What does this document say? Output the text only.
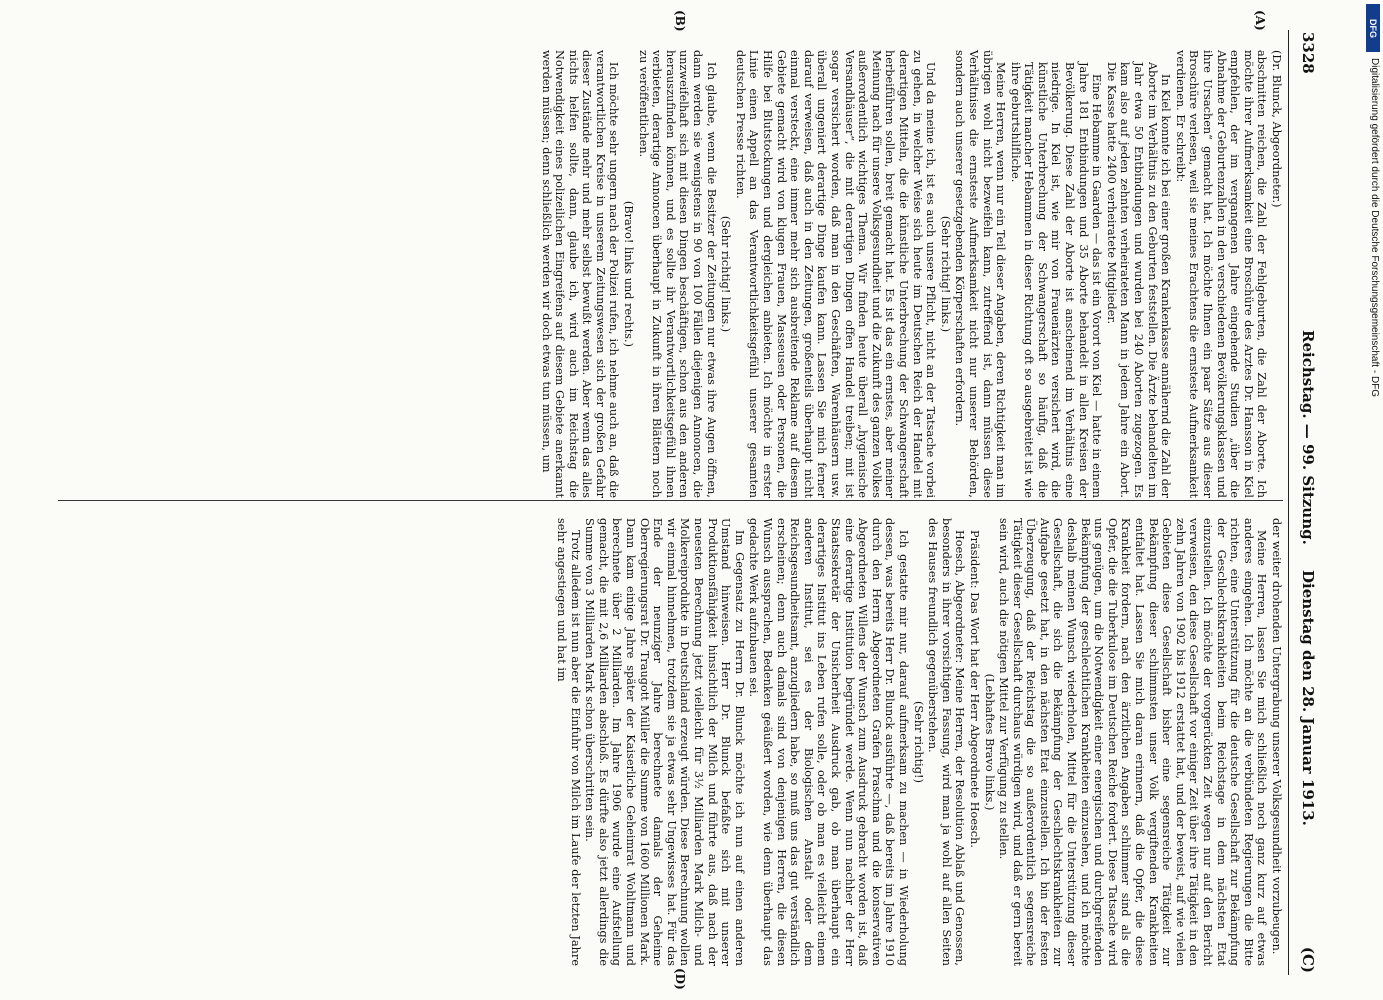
3328
Reichstag. — 99. Sitzung.
Dienstag den 28. Januar 1913.
(C)
(A)
(B)
(D)

(Dr. Blunck, Abgeordneter.)

abschnitten reichen, die Zahl der Fehlgeburten, die Zahl der Aborte. Ich möchte ihrer Aufmerksamkeit eine Broschüre des Arztes Dr. Hansson in Kiel empfehlen, der im vergangenen Jahre eingehende Studien „über die Abnahme der Geburtenzahlen in den verschiedenen Bevölkerungsklassen und ihre Ursachen“ gemacht hat. Ich möchte Ihnen ein paar Sätze aus dieser Broschüre verlesen, weil sie meines Erachtens die ernsteste Aufmerksamkeit verdienen. Er schreibt:

In Kiel konnte ich bei einer großen Krankenkasse annähernd die Zahl der Aborte im Verhältnis zu den Geburten feststellen. Die Ärzte behandelten im Jahr etwa 50 Entbindungen und wurden bei 240 Aborten zugezogen. Es kam also auf jeden zehnten verheirateten Mann in jedem Jahre ein Abort. Die Kasse hatte 2400 verheiratete Mitglieder.

Eine Hebamme in Gaarden — das ist ein Vorort von Kiel — hatte in einem Jahre 181 Entbindungen und 35 Aborte behandelt in allen Kreisen der Bevölkerung. Diese Zahl der Aborte ist anscheinend im Verhältnis eine niedrige. In Kiel ist, wie mir von Frauenärzten versichert wird, die künstliche Unterbrechung der Schwangerschaft so häufig, daß die Tätigkeit mancher Hebammen in dieser Richtung oft so ausgebreitet ist wie ihre geburtshilfliche.

Meine Herren, wenn nur ein Teil dieser Angaben, deren Richtigkeit man im übrigen wohl nicht bezweifeln kann, zutreffend ist, dann müssen diese Verhältnisse die ernsteste Aufmerksamkeit nicht nur unserer Behörden, sondern auch unserer gesetzgebenden Körperschaften erfordern.

(Sehr richtig! links.)

Und da meine ich, ist es auch unsere Pflicht, nicht an der Tatsache vorbei zu gehen, in welcher Weise sich heute im Deutschen Reich der Handel mit derartigen Mitteln, die die künstliche Unterbrechung der Schwangerschaft herbeiführen sollen, breit gemacht hat. Es ist das ein ernstes, aber meiner Meinung nach für unsere Volksgesundheit und die Zukunft des ganzen Volkes außerordentlich wichtiges Thema. Wir finden heute überall „hygienische Versandhäuser“, die mit derartigen Dingen offen Handel treiben; mit ist sogar versichert worden, daß man in den Geschäften, Warenhäusern usw. überall ungeniert derartige Dinge kaufen kann. Lassen Sie mich ferner darauf verweisen, daß auch in den Zeitungen, großenteils überhaupt nicht einmal versteckt, eine immer mehr sich ausbreitende Reklame auf diesem Gebiete gemacht wird von klugen Frauen, Masseusen oder Personen, die Hilfe bei Blutstockungen und dergleichen anbieten. Ich möchte in erster Linie einen Appell an das Verantwortlichkeitsgefühl unserer gesamten deutschen Presse richten.

(Sehr richtig! links.)

Ich glaube, wenn die Besitzer der Zeitungen nur etwas ihre Augen öffnen, dann werden sie wenigstens in 90 von 100 Fällen diejenigen Annoncen, die unzweifelhaft sich mit diesen Dingen beschäftigen, schon aus den anderen herauszufinden können, und es sollte ihr Verantwortlichkeitsgefühl ihnen verbieten, derartige Annoncen überhaupt in Zukunft in ihren Blättern noch zu veröffentlichen.

(Bravo! links und rechts.)

Ich möchte sehr ungern nach der Polizei rufen, ich nehme auch an, daß die verantwortlichen Kreise in unserem Zeitungswesen sich der großen Gefahr dieser Zustände mehr und mehr selbst bewußt werden. Aber wenn das alles nichts helfen sollte, dann, glaube ich, wird auch im Reichstag die Notwendigkeit eines polizeilichen Eingreifens auf diesem Gebiete anerkannt werden müssen; denn schließlich werden wir doch etwas tun müssen, um

der weiter drohenden Untergrabung unserer Volksgesundheit vorzubeugen.

Meine Herren, lassen Sie mich schließlich noch ganz kurz auf etwas anderes eingehen. Ich möchte an die verbündeten Regierungen die Bitte richten, eine Unterstützung für die deutsche Gesellschaft zur Bekämpfung der Geschlechtskrankheiten beim Reichstage in dem nächsten Etat einzustellen. Ich möchte der vorgerückten Zeit wegen nur auf den Bericht verweisen, den diese Gesellschaft vor einiger Zeit über ihre Tätigkeit in den zehn Jahren von 1902 bis 1912 erstattet hat, und der beweist, auf wie vielen Gebieten diese Gesellschaft bisher eine segensreiche Tätigkeit zur Bekämpfung dieser schlimmsten unser Volk vergiftenden Krankheiten entfaltet hat. Lassen Sie mich daran erinnern, daß die Opfer, die diese Krankheit fordern, nach den ärztlichen Angaben schlimmer sind als die Opfer, die die Tuberkulose im Deutschen Reiche fordert. Diese Tatsache wird uns genügen, um die Notwendigkeit einer energischen und durchgreifenden Bekämpfung der geschlechtlichen Krankheiten einzusehen, und ich möchte deshalb meinen Wunsch wiederholen, Mittel für die Unterstützung dieser Gesellschaft, die sich die Bekämpfung der Geschlechtskrankheiten zur Aufgabe gesetzt hat, in den nächsten Etat einzustellen. Ich bin der festen Überzeugung, daß der Reichstag die so außerordentlich segensreiche Tätigkeit dieser Gesellschaft durchaus würdigen wird, und daß er gern bereit sein wird, auch die nötigen Mittel zur Verfügung zu stellen.

(Lebhaftes Bravo links.)

Präsident: Das Wort hat der Herr Abgeordnete Hoesch.

Hoesch, Abgeordneter: Meine Herren, der Resolution Ablaß und Genossen, besonders in ihrer vorsichtigen Fassung, wird man ja wohl auf allen Seiten des Hauses freundlich gegenüberstehen.

(Sehr richtig!)

Ich gestatte mir nur, darauf aufmerksam zu machen — in Wiederholung dessen, was bereits Herr Dr. Blunck ausführte —, daß bereits im Jahre 1910 durch den Herrn Abgeordneten Grafen Praschma und die konservativen Abgeordneten Willens der Wunsch zum Ausdruck gebracht worden ist, daß eine derartige Institution begründet werde. Wenn nun nachher der Herr Staatssekretär der Unsicherheit Ausdruck gab, ob man überhaupt ein derartiges Institut ins Leben rufen solle, oder ob man es vielleicht einem anderen Institut, sei es der Biologischen Anstalt oder dem Reichsgesundheitsamt, anzugliedern habe, so muß uns das gut verständlich erscheinen; denn auch damals sind von denjenigen Herren, die diesen Wunsch aussprachen, Bedenken geäußert worden, wie denn überhaupt das gedachte Werk aufzubauen sei.

Im Gegensatz zu Herrn Dr. Blunck möchte ich nun auf einen anderen Umstand hinweisen. Herr Dr. Blunck befaßte sich mit unserer Produktionsfähigkeit hinsichtlich der Milch und führte aus, daß nach der neuesten Berechnung jetzt vielleicht für 3½ Milliarden Mark Milch- und Molkereiprodukte in Deutschland erzeugt würden. Diese Berechnung wollen wir einmal hinnehmen, trotzdem sie ja etwas sehr Ungewisses hat. Für das Ende der neunziger Jahre berechnete damals der Geheime Oberregierungsrat Dr. Traugott Müller die Summe von 1600 Millionen Mark. Dann kam einige Jahre später der Kaiserliche Geheimrat Wohltmann und berechnete über 2 Milliarden. Im Jahre 1906 wurde eine Aufstellung gemacht, die mit 2,6 Milliarden abschloß. Es dürfte also jetzt allerdings die Summe von 3 Milliarden Mark schon überschritten sein.

Trotz alledem ist nun aber die Einfuhr von Milch im Laufe der letzten Jahre sehr angestiegen und hat im

DFG
Digitalisierung gefördert durch die Deutsche Forschungsgemeinschaft - DFG
